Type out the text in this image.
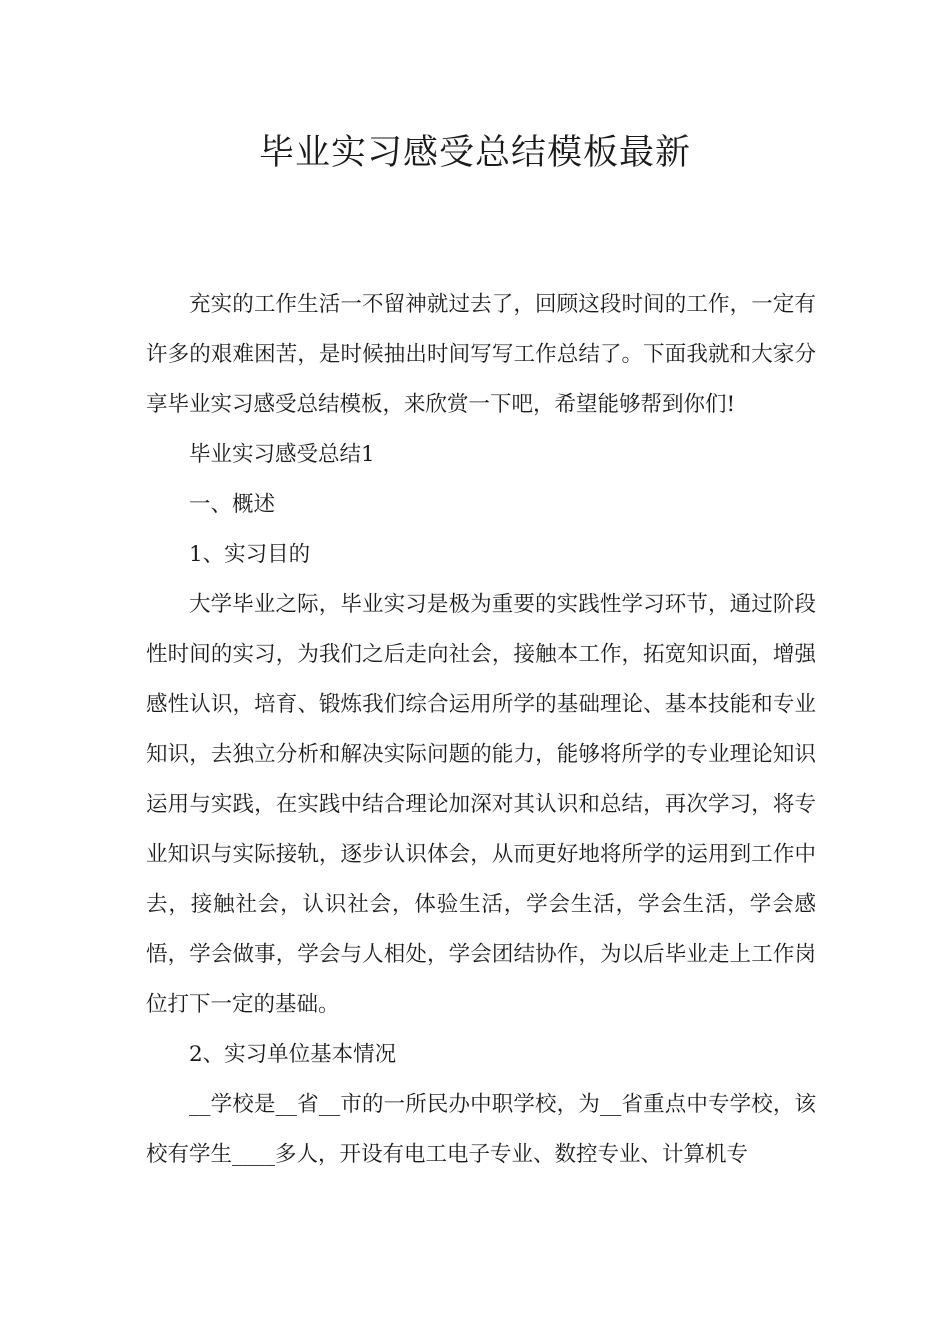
毕业实习感受总结模板最新

充实的工作生活一不留神就过去了，回顾这段时间的工作，一定有许多的艰难困苦，是时候抽出时间写写工作总结了。下面我就和大家分享毕业实习感受总结模板，来欣赏一下吧，希望能够帮到你们!

毕业实习感受总结1

一、概述

1、实习目的

大学毕业之际，毕业实习是极为重要的实践性学习环节，通过阶段性时间的实习，为我们之后走向社会，接触本工作，拓宽知识面，增强感性认识，培育、锻炼我们综合运用所学的基础理论、基本技能和专业知识，去独立分析和解决实际问题的能力，能够将所学的专业理论知识运用与实践，在实践中结合理论加深对其认识和总结，再次学习，将专业知识与实际接轨，逐步认识体会，从而更好地将所学的运用到工作中去，接触社会，认识社会，体验生活，学会生活，学会生活，学会感悟，学会做事，学会与人相处，学会团结协作，为以后毕业走上工作岗位打下一定的基础。

2、实习单位基本情况

__学校是__省__市的一所民办中职学校，为__省重点中专学校，该校有学生____多人，开设有电工电子专业、数控专业、计算机专
